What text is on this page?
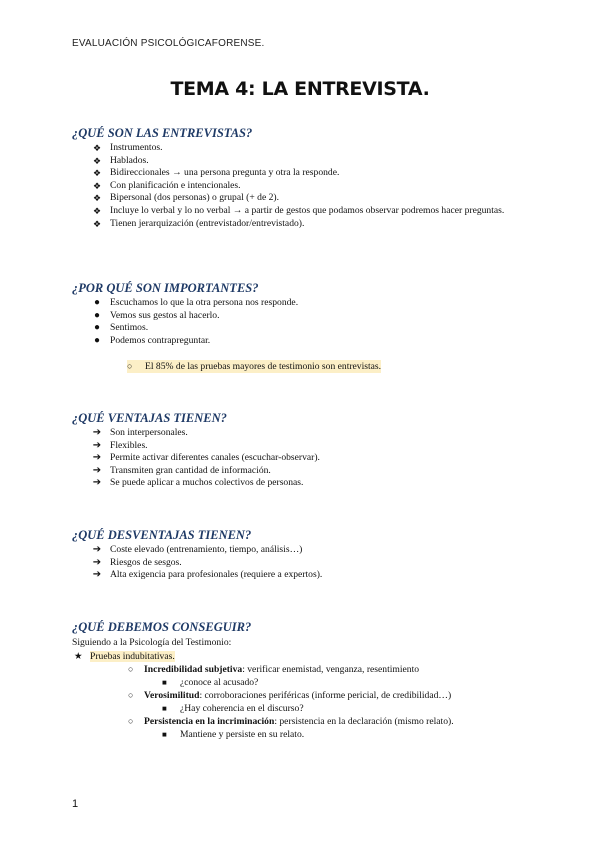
EVALUACIÓN PSICOLÓGICAFORENSE.
TEMA 4: LA ENTREVISTA.
¿QUÉ SON LAS ENTREVISTAS?
❖ Instrumentos.
❖ Hablados.
❖ Bidireccionales → una persona pregunta y otra la responde.
❖ Con planificación e intencionales.
❖ Bipersonal (dos personas) o grupal (+ de 2).
❖ Incluye lo verbal y lo no verbal → a partir de gestos que podamos observar podremos hacer preguntas.
❖ Tienen jerarquización (entrevistador/entrevistado).
¿POR QUÉ SON IMPORTANTES?
●	Escuchamos lo que la otra persona nos responde.
●	Vemos sus gestos al hacerlo.
●	Sentimos.
●	Podemos contrapreguntar.
○ El 85% de las pruebas mayores de testimonio son entrevistas.
¿QUÉ VENTAJAS TIENEN?
➔ Son interpersonales.
➔ Flexibles.
➔ Permite activar diferentes canales (escuchar-observar).
➔ Transmiten gran cantidad de información.
➔ Se puede aplicar a muchos colectivos de personas.
¿QUÉ DESVENTAJAS TIENEN?
➔ Coste elevado (entrenamiento, tiempo, análisis…)
➔ Riesgos de sesgos.
➔ Alta exigencia para profesionales (requiere a expertos).
¿QUÉ DEBEMOS CONSEGUIR?
Siguiendo a la Psicología del Testimonio:
★ Pruebas indubitativas.
○ Incredibilidad subjetiva: verificar enemistad, venganza, resentimiento
■ ¿conoce al acusado?
○ Verosimilitud: corroboraciones periféricas (informe pericial, de credibilidad…)
■ ¿Hay coherencia en el discurso?
○ Persistencia en la incriminación: persistencia en la declaración (mismo relato).
■ Mantiene y persiste en su relato.
1
